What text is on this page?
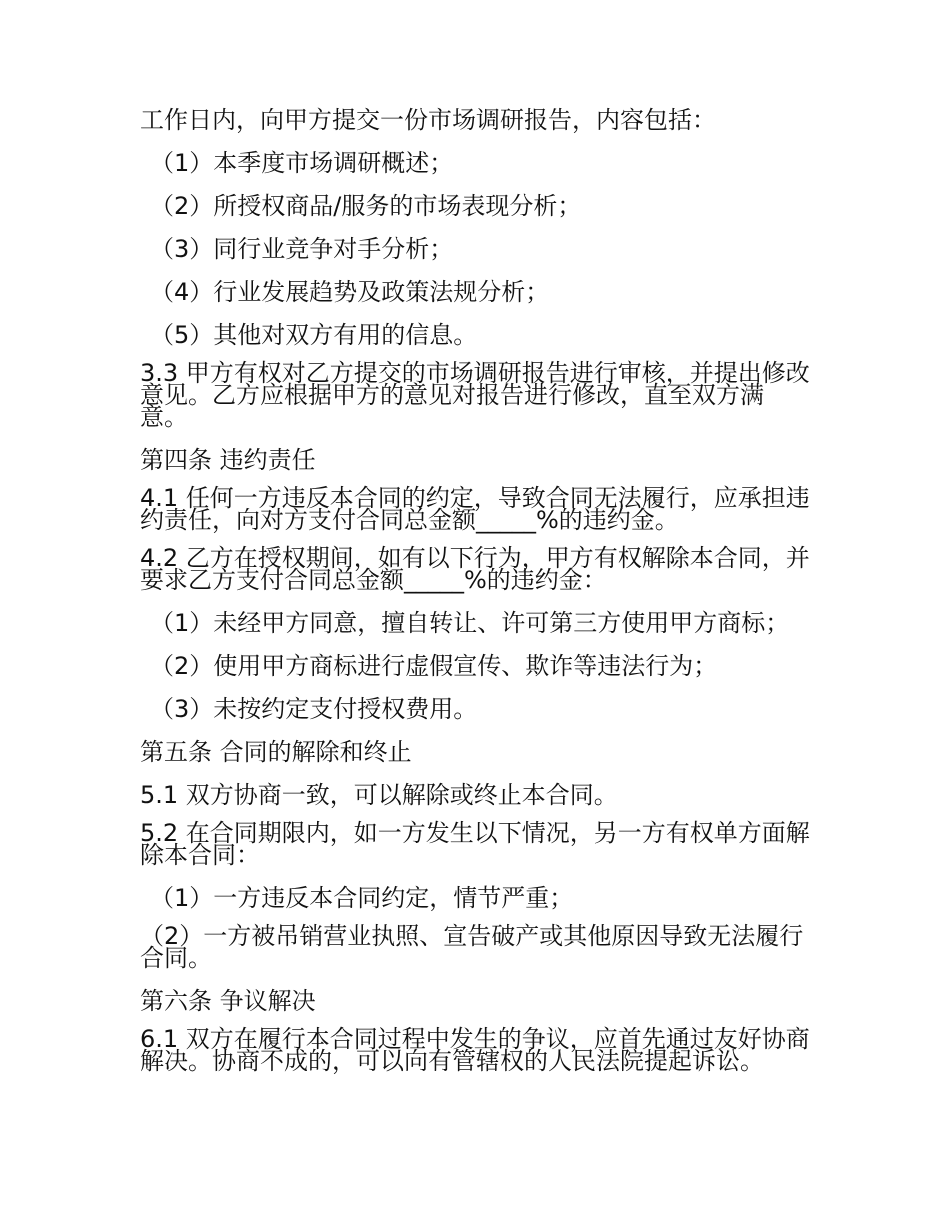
工作日内，向甲方提交一份市场调研报告，内容包括：
（1）本季度市场调研概述；
（2）所授权商品/服务的市场表现分析；
（3）同行业竞争对手分析；
（4）行业发展趋势及政策法规分析；
（5）其他对双方有用的信息。
3.3 甲方有权对乙方提交的市场调研报告进行审核，并提出修改意见。乙方应根据甲方的意见对报告进行修改，直至双方满意。
第四条 违约责任
4.1 任何一方违反本合同的约定，导致合同无法履行，应承担违约责任，向对方支付合同总金额_____%的违约金。
4.2 乙方在授权期间，如有以下行为，甲方有权解除本合同，并要求乙方支付合同总金额_____%的违约金：
（1）未经甲方同意，擅自转让、许可第三方使用甲方商标；
（2）使用甲方商标进行虚假宣传、欺诈等违法行为；
（3）未按约定支付授权费用。
第五条 合同的解除和终止
5.1 双方协商一致，可以解除或终止本合同。
5.2 在合同期限内，如一方发生以下情况，另一方有权单方面解除本合同：
（1）一方违反本合同约定，情节严重；
（2）一方被吊销营业执照、宣告破产或其他原因导致无法履行合同。
第六条 争议解决
6.1 双方在履行本合同过程中发生的争议，应首先通过友好协商解决。协商不成的，可以向有管辖权的人民法院提起诉讼。
